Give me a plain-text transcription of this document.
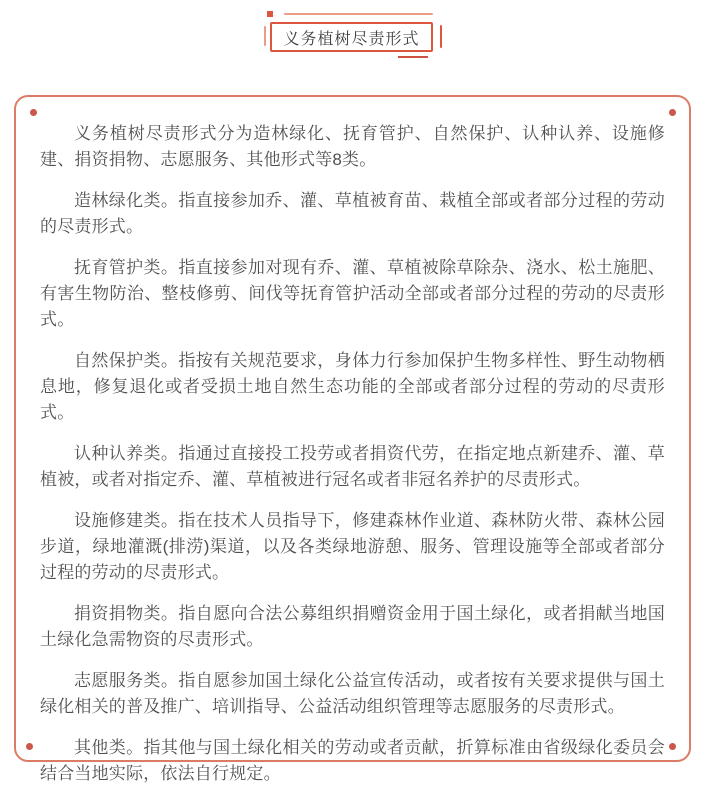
义务植树尽责形式

义务植树尽责形式分为造林绿化、抚育管护、自然保护、认种认养、设施修建、捐资捐物、志愿服务、其他形式等8类。

造林绿化类。指直接参加乔、灌、草植被育苗、栽植全部或者部分过程的劳动的尽责形式。

抚育管护类。指直接参加对现有乔、灌、草植被除草除杂、浇水、松土施肥、有害生物防治、整枝修剪、间伐等抚育管护活动全部或者部分过程的劳动的尽责形式。

自然保护类。指按有关规范要求，身体力行参加保护生物多样性、野生动物栖息地，修复退化或者受损土地自然生态功能的全部或者部分过程的劳动的尽责形式。

认种认养类。指通过直接投工投劳或者捐资代劳，在指定地点新建乔、灌、草植被，或者对指定乔、灌、草植被进行冠名或者非冠名养护的尽责形式。

设施修建类。指在技术人员指导下，修建森林作业道、森林防火带、森林公园步道，绿地灌溉(排涝)渠道，以及各类绿地游憩、服务、管理设施等全部或者部分过程的劳动的尽责形式。

捐资捐物类。指自愿向合法公募组织捐赠资金用于国土绿化，或者捐献当地国土绿化急需物资的尽责形式。

志愿服务类。指自愿参加国土绿化公益宣传活动，或者按有关要求提供与国土绿化相关的普及推广、培训指导、公益活动组织管理等志愿服务的尽责形式。

其他类。指其他与国土绿化相关的劳动或者贡献，折算标准由省级绿化委员会结合当地实际，依法自行规定。
